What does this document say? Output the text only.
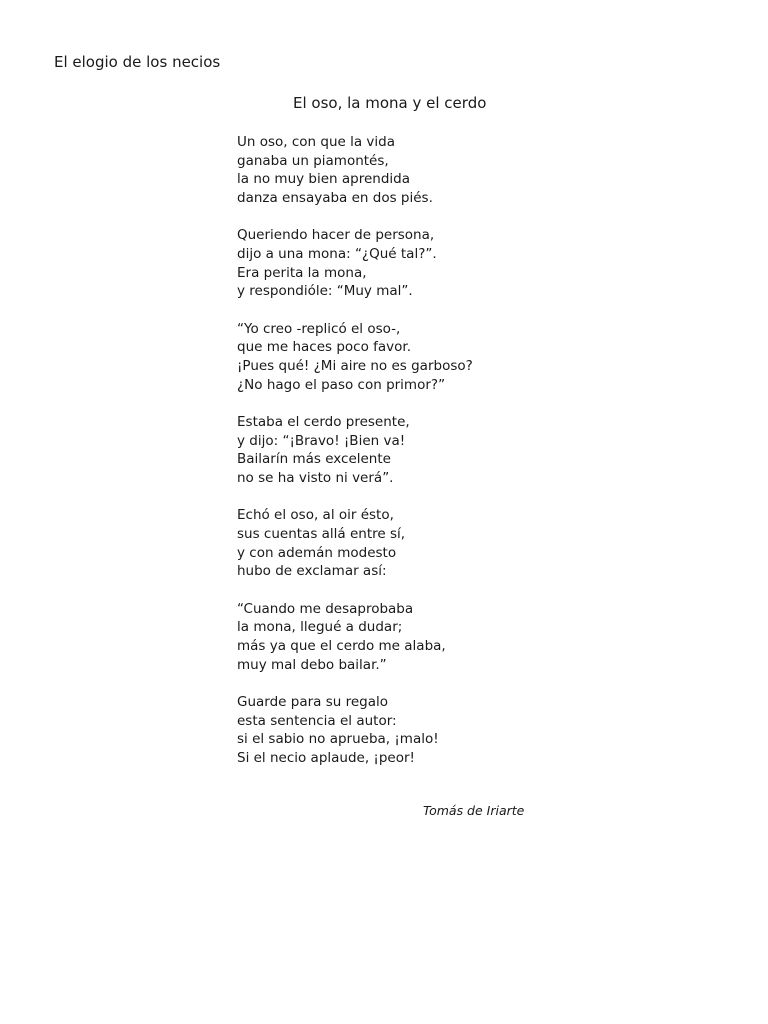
El elogio de los necios
El oso, la mona y el cerdo
Un oso, con que la vida
ganaba un piamontés,
la no muy bien aprendida
danza ensayaba en dos piés.
Queriendo hacer de persona,
dijo a una mona: “¿Qué tal?”.
Era perita la mona,
y respondióle: “Muy mal”.
“Yo creo -replicó el oso-,
que me haces poco favor.
¡Pues qué! ¿Mi aire no es garboso?
¿No hago el paso con primor?”
Estaba el cerdo presente,
y dijo: “¡Bravo! ¡Bien va!
Bailarín más excelente
no se ha visto ni verá”.
Echó el oso, al oir ésto,
sus cuentas allá entre sí,
y con ademán modesto
hubo de exclamar así:
“Cuando me desaprobaba
la mona, llegué a dudar;
más ya que el cerdo me alaba,
muy mal debo bailar.”
Guarde para su regalo
esta sentencia el autor:
si el sabio no aprueba, ¡malo!
Si el necio aplaude, ¡peor!
Tomás de Iriarte
